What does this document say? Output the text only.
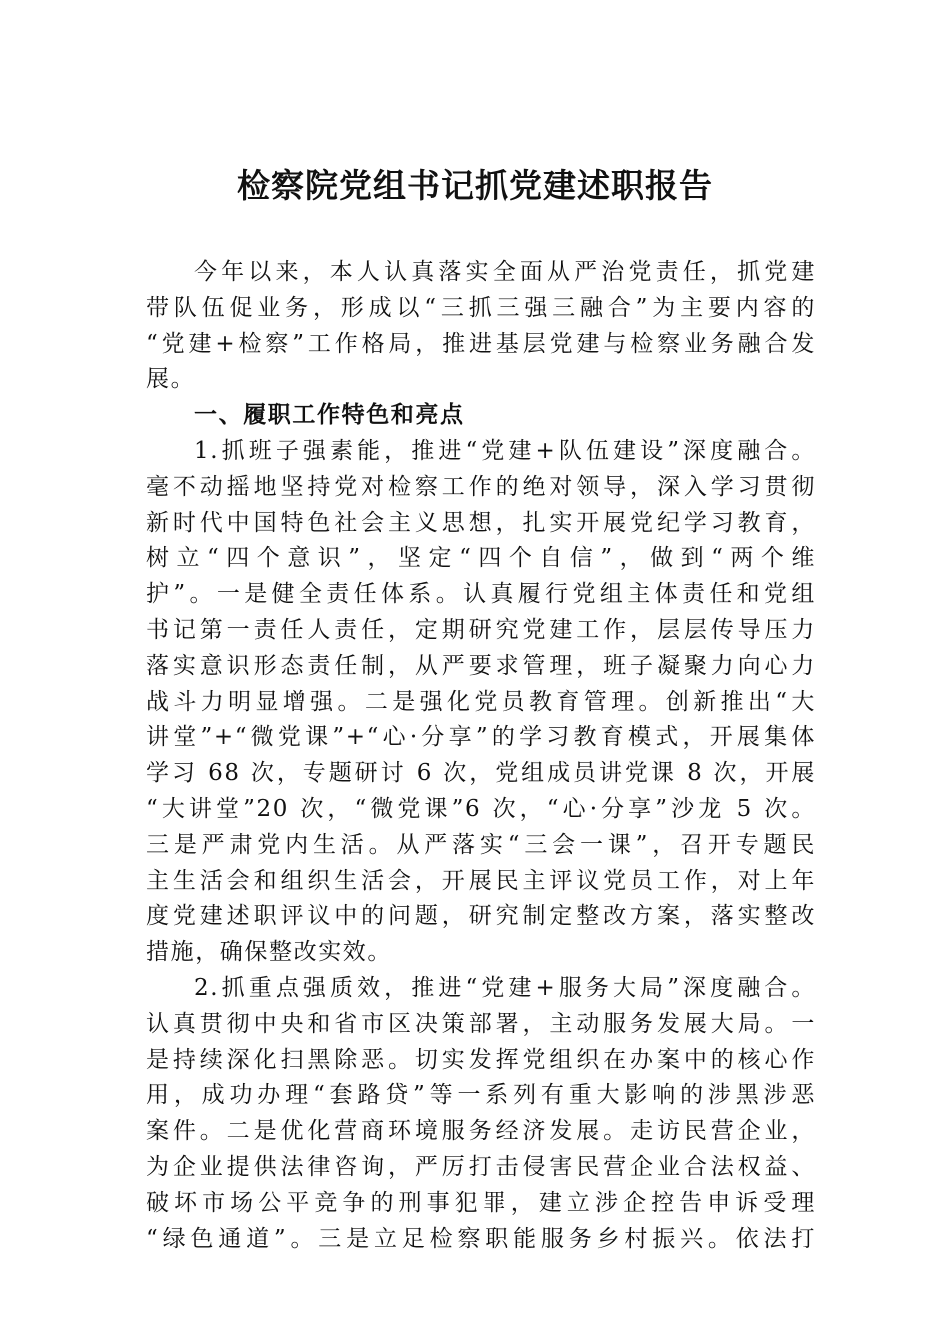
检察院党组书记抓党建述职报告
今年以来，本人认真落实全面从严治党责任，抓党建
带队伍促业务，形成以“三抓三强三融合”为主要内容的
“党建+检察”工作格局，推进基层党建与检察业务融合发
展。
一、履职工作特色和亮点
1.抓班子强素能，推进“党建+队伍建设”深度融合。
毫不动摇地坚持党对检察工作的绝对领导，深入学习贯彻
新时代中国特色社会主义思想，扎实开展党纪学习教育，
树立“四个意识”，坚定“四个自信”，做到“两个维
护”。一是健全责任体系。认真履行党组主体责任和党组
书记第一责任人责任，定期研究党建工作，层层传导压力
落实意识形态责任制，从严要求管理，班子凝聚力向心力
战斗力明显增强。二是强化党员教育管理。创新推出“大
讲堂”+“微党课”+“心·分享”的学习教育模式，开展集体
学习 68 次，专题研讨 6 次，党组成员讲党课 8 次，开展
“大讲堂”20 次，“微党课”6 次，“心·分享”沙龙 5 次。
三是严肃党内生活。从严落实“三会一课”，召开专题民
主生活会和组织生活会，开展民主评议党员工作，对上年
度党建述职评议中的问题，研究制定整改方案，落实整改
措施，确保整改实效。
2.抓重点强质效，推进“党建+服务大局”深度融合。
认真贯彻中央和省市区决策部署，主动服务发展大局。一
是持续深化扫黑除恶。切实发挥党组织在办案中的核心作
用，成功办理“套路贷”等一系列有重大影响的涉黑涉恶
案件。二是优化营商环境服务经济发展。走访民营企业，
为企业提供法律咨询，严厉打击侵害民营企业合法权益、
破坏市场公平竞争的刑事犯罪，建立涉企控告申诉受理
“绿色通道”。三是立足检察职能服务乡村振兴。依法打
